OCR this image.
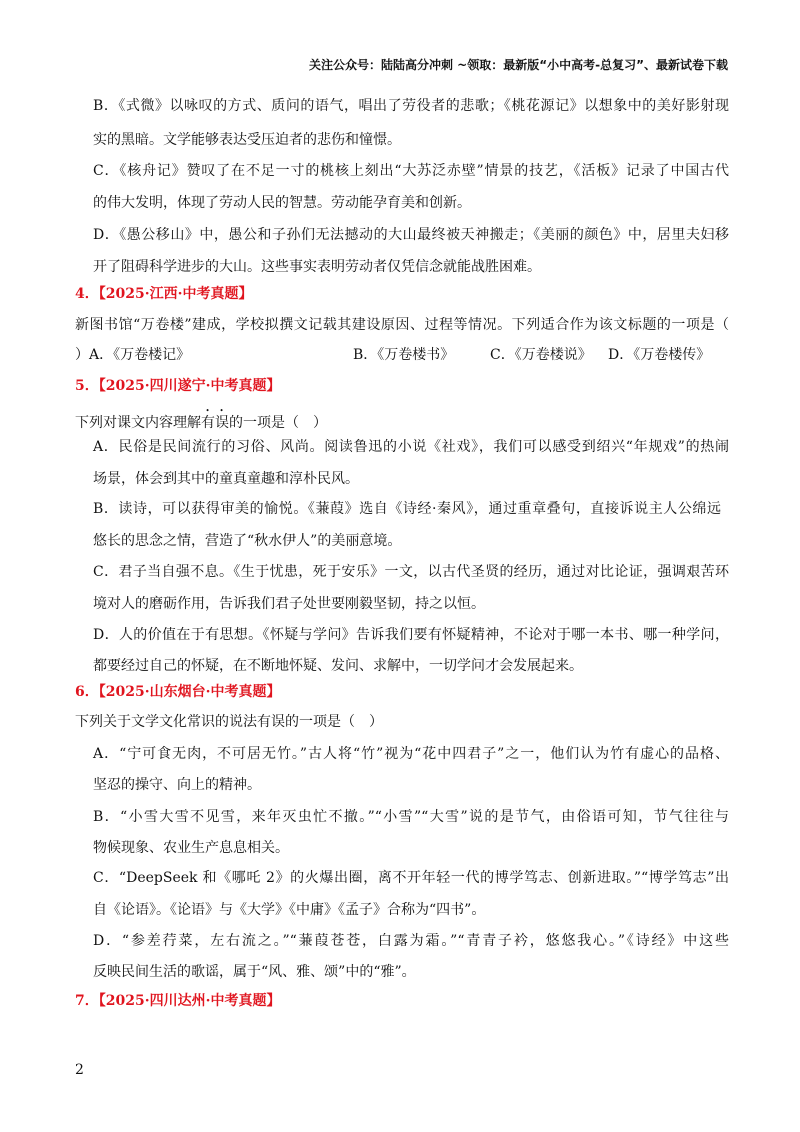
关注公众号：陆陆高分冲刺 ~领取：最新版“小中高考-总复习”、最新试卷下载
B．《式微》以咏叹的方式、质问的语气，唱出了劳役者的悲歌；《桃花源记》以想象中的美好影射现
实的黑暗。文学能够表达受压迫者的悲伤和憧憬。
C．《核舟记》赞叹了在不足一寸的桃核上刻出“大苏泛赤壁”情景的技艺，《活板》记录了中国古代
的伟大发明，体现了劳动人民的智慧。劳动能孕育美和创新。
D．《愚公移山》中，愚公和子孙们无法撼动的大山最终被天神搬走；《美丽的颜色》中，居里夫妇移
开了阻碍科学进步的大山。这些事实表明劳动者仅凭信念就能战胜困难。
4．【2025·江西·中考真题】
新图书馆“万卷楼”建成，学校拟撰文记载其建设原因、过程等情况。下列适合作为该文标题的一项是（
）A．《万卷楼记》	B．《万卷楼书》	C．《万卷楼说》 D．《万卷楼传》
5．【2025·四川遂宁·中考真题】
下列对课文内容理解有误的一项是（　）
A．民俗是民间流行的习俗、风尚。阅读鲁迅的小说《社戏》，我们可以感受到绍兴“年规戏”的热闹
场景，体会到其中的童真童趣和淳朴民风。
B．读诗，可以获得审美的愉悦。《蒹葭》选自《诗经·秦风》，通过重章叠句，直接诉说主人公绵远
悠长的思念之情，营造了“秋水伊人”的美丽意境。
C．君子当自强不息。《生于忧患，死于安乐》一文，以古代圣贤的经历，通过对比论证，强调艰苦环
境对人的磨砺作用，告诉我们君子处世要刚毅坚韧，持之以恒。
D．人的价值在于有思想。《怀疑与学问》告诉我们要有怀疑精神，不论对于哪一本书、哪一种学问，
都要经过自己的怀疑，在不断地怀疑、发问、求解中，一切学问才会发展起来。
6．【2025·山东烟台·中考真题】
下列关于文学文化常识的说法有误的一项是（　）
A．“宁可食无肉，不可居无竹。”古人将“竹”视为“花中四君子”之一，他们认为竹有虚心的品格、
坚忍的操守、向上的精神。
B．“小雪大雪不见雪，来年灭虫忙不撤。”“小雪”“大雪”说的是节气，由俗语可知，节气往往与
物候现象、农业生产息息相关。
C．“DeepSeek 和《哪吒 2》的火爆出圈，离不开年轻一代的博学笃志、创新进取。”“博学笃志”出
自《论语》。《论语》与《大学》《中庸》《孟子》合称为“四书”。
D．“参差荇菜，左右流之。”“蒹葭苍苍，白露为霜。”“青青子衿，悠悠我心。”《诗经》中这些
反映民间生活的歌谣，属于“风、雅、颂”中的“雅”。
7．【2025·四川达州·中考真题】
2
